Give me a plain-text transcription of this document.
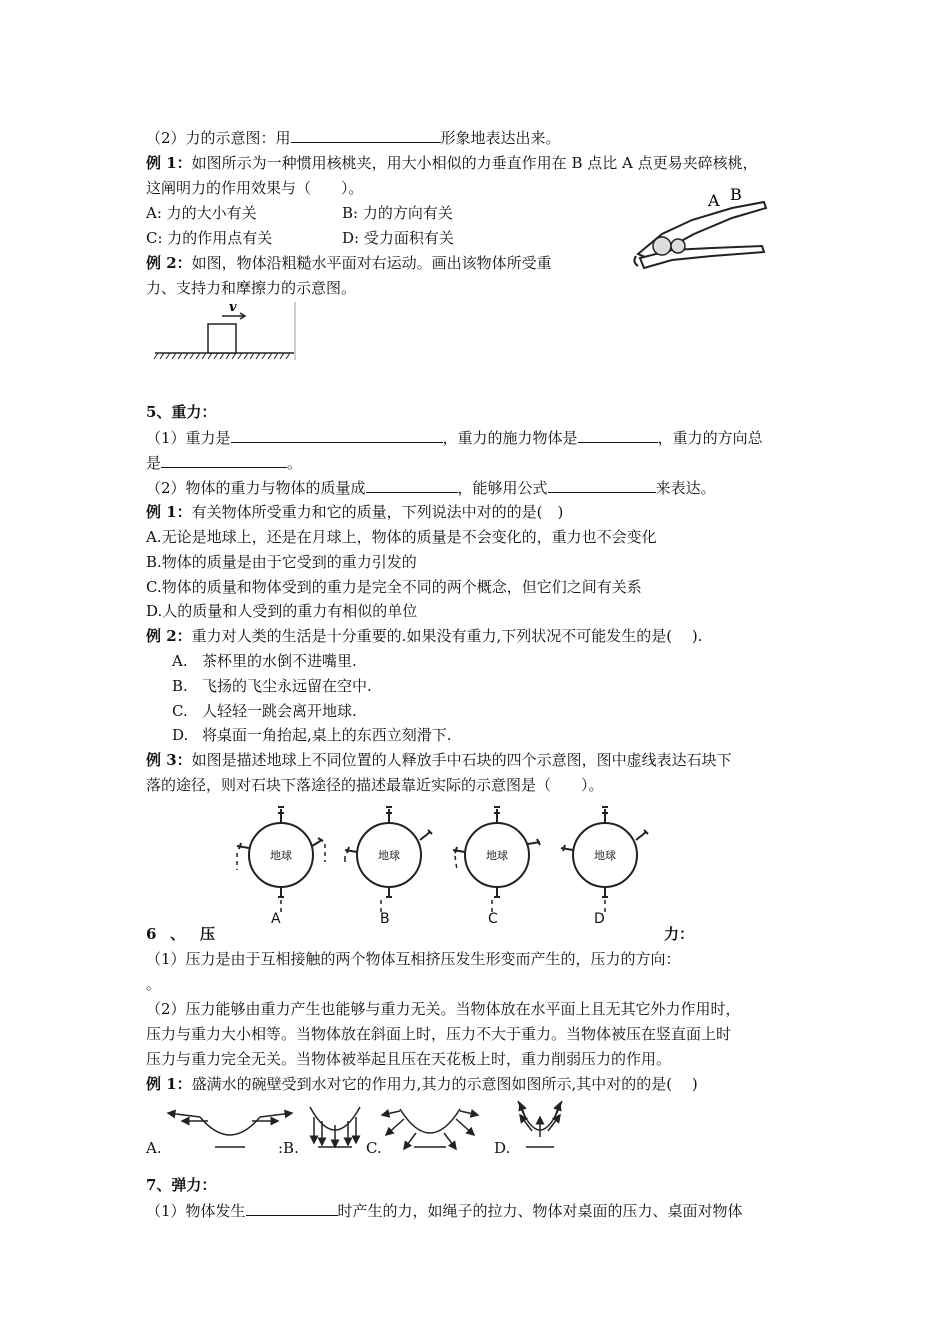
（2）力的示意图：用	形象地表达出来。
例 1：如图所示为一种惯用核桃夹，用大小相似的力垂直作用在 B 点比 A 点更易夹碎核桃，
这阐明力的作用效果与（　　）。
A: 力的大小有关	B: 力的方向有关
C: 力的作用点有关	D: 受力面积有关
A B
例 2：如图，物体沿粗糙水平面对右运动。画出该物体所受重
力、支持力和摩擦力的示意图。
v
5、重力：
（1）重力是	，重力的施力物体是	，重力的方向总
是	。
（2）物体的重力与物体的质量成	，能够用公式	来表达。
例 1：有关物体所受重力和它的质量，下列说法中对的的是(　)
A.无论是地球上，还是在月球上，物体的质量是不会变化的，重力也不会变化
B.物体的质量是由于它受到的重力引发的
C.物体的质量和物体受到的重力是完全不同的两个概念，但它们之间有关系
D.人的质量和人受到的重力有相似的单位
例 2：重力对人类的生活是十分重要的.如果没有重力,下列状况不可能发生的是(　 ).
A. 茶杯里的水倒不进嘴里.
B. 飞扬的飞尘永远留在空中.
C. 人轻轻一跳会离开地球.
D. 将桌面一角抬起,桌上的东西立刻滑下.
例 3：如图是描述地球上不同位置的人释放手中石块的四个示意图，图中虚线表达石块下
落的途径，则对石块下落途径的描述最靠近实际的示意图是（　　）。
地球	地球	地球	地球
A	B	C	D
6 、 压	力：
（1）压力是由于互相接触的两个物体互相挤压发生形变而产生的，压力的方向：
。
（2）压力能够由重力产生也能够与重力无关。当物体放在水平面上且无其它外力作用时，
压力与重力大小相等。当物体放在斜面上时，压力不大于重力。当物体被压在竖直面上时
压力与重力完全无关。当物体被举起且压在天花板上时，重力削弱压力的作用。
例 1：盛满水的碗壁受到水对它的作用力,其力的示意图如图所示,其中对的的是(　 )
A.	:B.	C.	D.
7、弹力：
（1）物体发生	时产生的力，如绳子的拉力、物体对桌面的压力、桌面对物体
